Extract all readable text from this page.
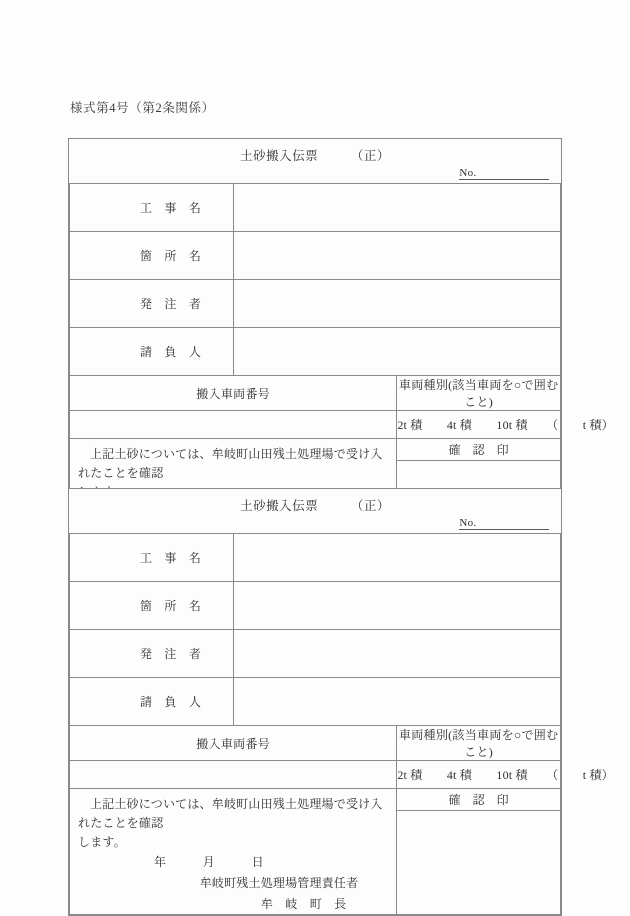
様式第4号（第2条関係）
土砂搬入伝票　　　（正）
No.		

工　事　名	

箇　所　名	

発　注　者	

請　負　人	

搬入車両番号		車両種別(該当車両を○で囲むこと)
		2t 積　　4t 積　　10t 積　　（　　t 積）

上記土砂については、牟岐町山田残土処理場で受け入れたことを確認		確　認　印
土砂搬入伝票　　　（正）
No.		

工　事　名	

箇　所　名	

発　注　者	

請　負　人	

搬入車両番号		車両種別(該当車両を○で囲むこと)
		2t 積　　4t 積　　10t 積　　（　　t 積）

上記土砂については、牟岐町山田残土処理場で受け入れたことを確認
します。
年　　　月　　　日
牟岐町残土処理場管理責任者
牟　岐　町　長		確　認　印
